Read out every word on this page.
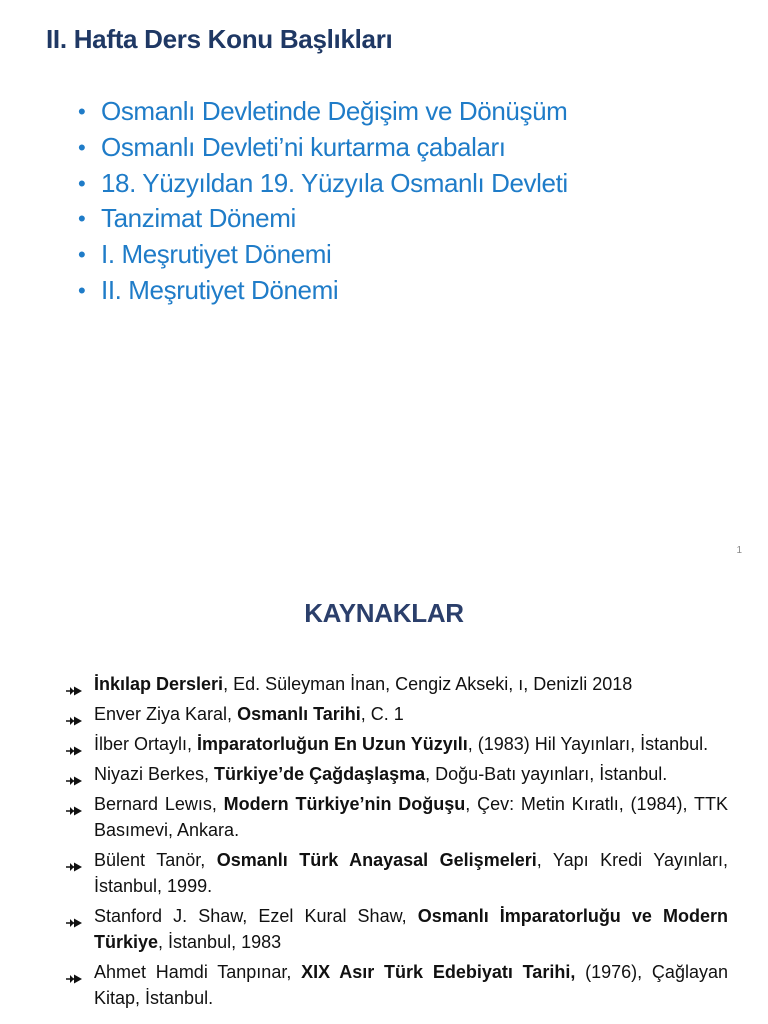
II. Hafta Ders Konu Başlıkları
• Osmanlı Devletinde Değişim ve Dönüşüm
• Osmanlı Devleti’ni kurtarma çabaları
• 18. Yüzyıldan 19. Yüzyıla Osmanlı Devleti
• Tanzimat Dönemi
• I. Meşrutiyet Dönemi
• II. Meşrutiyet Dönemi
1
KAYNAKLAR
İnkılap Dersleri, Ed. Süleyman İnan, Cengiz Akseki, ı, Denizli 2018
Enver Ziya Karal, Osmanlı Tarihi, C. 1
İlber Ortaylı, İmparatorluğun En Uzun Yüzyılı, (1983) Hil Yayınları, İstanbul.
Niyazi Berkes, Türkiye’de Çağdaşlaşma, Doğu-Batı yayınları, İstanbul.
Bernard Lewıs, Modern Türkiye’nin Doğuşu, Çev: Metin Kıratlı, (1984), TTK Basımevi, Ankara.
Bülent Tanör, Osmanlı Türk Anayasal Gelişmeleri, Yapı Kredi Yayınları, İstanbul, 1999.
Stanford J. Shaw, Ezel Kural Shaw, Osmanlı İmparatorluğu ve Modern Türkiye, İstanbul, 1983
Ahmet Hamdi Tanpınar, XIX Asır Türk Edebiyatı Tarihi, (1976), Çağlayan Kitap, İstanbul.
